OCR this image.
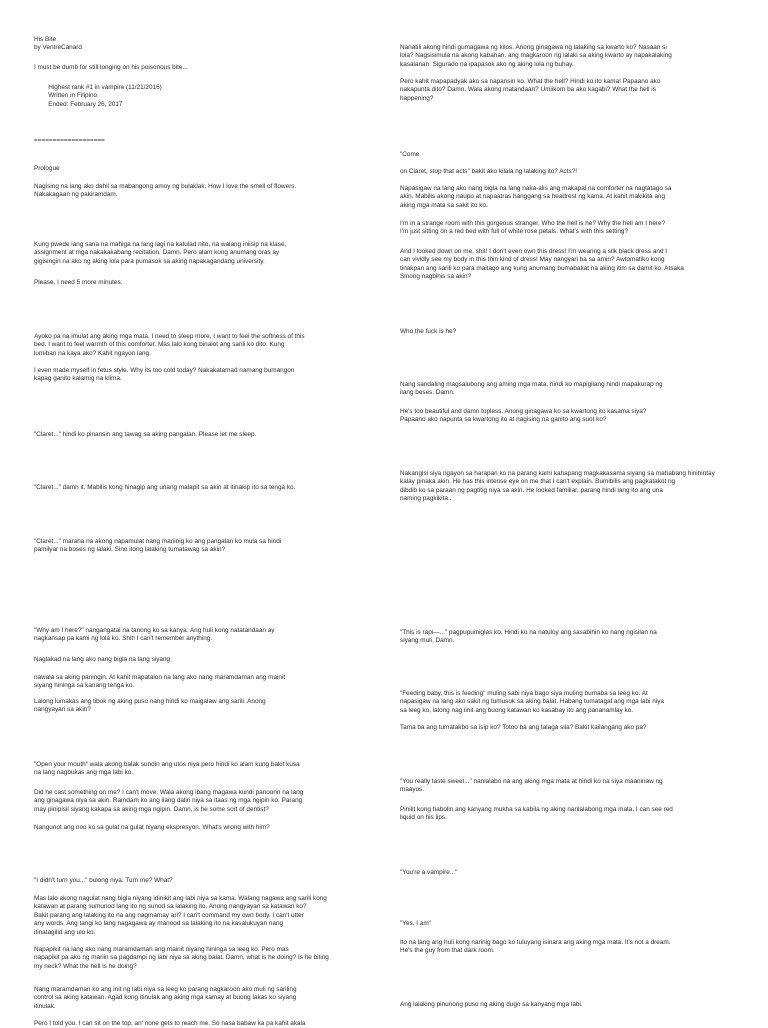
His Bite
by VentreCanard
I must be dumb for still longing on his poisonous bite...
Highest rank #1 in vampire (11/21/2016)
Written in Filipino
Ended: February 26, 2017
===================
Prologue
Nagising na lang ako dahil sa mabangong amoy ng bulaklak. How I love the smell of flowers.
Nakakagaan ng pakiramdam.
Kung pwede lang sana na mahiga na lang lagi na katulad nito, na walang iniisip na klase,
assignment at mga nakakakabang recitation. Damn. Pero alam kong anumang oras ay
gigisingin na ako ng aking lola para pumasok sa aking napakagandang university.
Please, I need 5 more minutes.
Ayoko pa na imulat ang aking mga mata. I need to sleep more, I want to feel the softness of this
bed. I want to feel warmth of this comforter. Mas lalo kong binalot ang sarili ko dito. Kung
lumiban na kaya ako? Kahit ngayon lang.
I even made myself in fetus style. Why its too cold today? Nakakatamad namang bumangon
kapag ganito kalamig na klima.
"Claret..." hindi ko pinansin ang tawag sa aking pangalan. Please let me sleep.
"Claret..." damn it. Mabilis kong hinagip ang unang malapit sa akin at itinakip ito sa tenga ko.
"Claret..." maraha na akong napamulat nang mariinig ko ang pangalan ko mula sa hindi
pamilyar na boses ng lalaki. Sino itong lalaking tumatawag sa akin?
"Why am I here?" nangangatal na tanong ko sa kanya. Ang huli kong natatandaan ay
nagkansap pa kami ng lola ko. Shit! I can't remember anything.
Naglakad na lang ako nang bigla na lang siyang
nawala sa aking paningin. At kahit mapatalon na lang ako nang maramdaman ang mainit
siyang hininga sa kanang tenga ko.
Lalong lumakas ang tibok ng aking puso nang hindi ko maigalaw ang sarili. Anong
nangyayari sa akin?
"Open your mouth" wala akong balak sundin ang utos niya pero hindi ko alam kung bakit kusa
na lang nagbukas ang mga labi ko.
Did he cast something on me? I can't move. Wala akong ibang magawa kundi panoorin na lang
ang ginagawa niya sa akin. Ramdam ko ang ilang daliri niya sa itaas ng mga ngipin ko. Parang
may pinipisil siyang kakapa sa aking mga ngipin. Damn, is he some sort of dentist?
Nangunot ang noo ko sa gulat na gulat niyang ekspresyon. What's wrong with him?
"I didn't turn you..." bulong niya. Turn me? What?
Mas lalo akong nagulat nang bigla niyang idinikit ang labi niya sa kama. Walang nagawa ang sarili kong
katawan at parang sumunod lang ito ng sunod sa lalaking ito. Anong nangyayari sa katawan ko?
Bakit parang ang lalaking ito na ang nagmamay ari? I can't command my own body. I can't utter
any words. Ang tangi ko lang nagagawa ay manood sa lalaking ito na kasalukuyan nang
itinatagilid ang ulo ko.
Napapikit na lang ako nang maramdaman ang mainit niyang hininga sa leeg ko. Pero mas
napapikit pa ako ng mariin sa pagdampi ng labi niya sa aking balat. Damn, what is he doing? Is he biting
my neck? What the hell is he doing?
Nang maramdaman ko ang init ng labi niya sa leeg ko parang nagkaroon ako muli ng sariling
control sa aking katawan. Agad kong itinulak ang aking mga kamay at buong lakas ko siyang
itinulak.
Pero I told you. I can sit on the top, an' none gets to reach me. So nasa babaw ka pa kahit akala
Nanatili akong hindi gumagawa ng kilos. Anong ginagawa ng lalaking sa kwarto ko? Nasaan si
lola? Nagsisimula na akong kabahan, ang magkaroon ng lalaki sa aking kwarto ay napakalaking
kasalanan. Sigurado na ipapasok ako ng aking lola ng buhay.
Pero kahit mapapadyak ako sa napansin ko. What the hell? Hindi ko ito kama! Papaano ako
nakapunta dito? Damn. Wala akong matandaan? Umiikom ba ako kagabi? What the hell is
happening?
"Come
on Claret, stop that acts" bakit ako kilala ng lalaking ito? Acts?!
Napasigaw na lang ako nang bigla na lang naka-alis ang makapal na comforter na nagtatago sa
akin. Mabilis akong naupo at napaatras hanggang sa headrest ng kama. At kahit makikita ang
aking mga mata sa sakit ito ko.
I'm in a strange room with this gorgeous stranger. Who the hell is he? Why the hell am I here?
I'm just sitting on a red bed with full of white rose petals. What's with this setting?
And I looked down on me, shit! I don't even own this dress! I'm wearing a silk black dress and I
can vividly see my body in this thin kind of dress! May nangyari ba sa amin? Awtomatiko kong
tinakpan ang sarili ko para maitago ang kung anumang bumabakat na aking itim sa damit ko. Atsaka
Sinong nagbihis sa akin?
Who the fuck is he?
Nang sandaling magsalubong ang aming mga mata, hindi ko mapigilang hindi mapakurap ng
ilang beses. Damn.
He's too beautiful and damn topless. Anong ginagawa ko sa kwartong ito kasama siya?
Papaano ako napunta sa kwartong ito at nagising na ganito ang suot ko?
Nakangisi siya ngayon sa harapan ko na parang kami kahapang magkakasama siyang sa mahabang hinihintay
kalay pinaka akin. He has this intense eye on me that I can't explain. Bumibilis ang pagkatakot ng
dibdib ko sa paraan ng pagtitig niya sa akin. He looked familiar, parang hindi lang ito ang una
naming pagkikita..
"This is rapi—..." pagpupumiglas ko. Hindi ko na natuloy ang sasabihin ko nang ngisilan na
siyang muli. Damn.
"Feeding baby, this is feeding" muling sabi niya bago siya muling bumaba sa leeg ko. At
napasigaw na lang ako sakit ng tumusok sa aking balat. Habang tumatagal ang mga labi niya
sa leeg ko, lalong nag iinit ang buong katawan ko kasabay ito ang pananamlay ko.
Tama ba ang tumatakbo sa isip ko? Totoo ba ang talaga sila? Bakit kailangang ako pa?
"You really taste sweet..." nanlalabo na ang aking mga mata at hindi ko na siya maaninaw ng
maayos.
Pinilit kong habolin ang kanyang mukha sa kabila ng aking nanlalabong mga mata. I can see red
liquid on his lips.
"You're a vampire..."
"Yes, I am"
Ito na lang ang huli kong narinig bago ko tuluyang isinara ang aking mga mata. It's not a dream.
He's the guy from that dark room.
Ang lalaking pinunong puso ng aking dugo sa kanyang mga labi.
